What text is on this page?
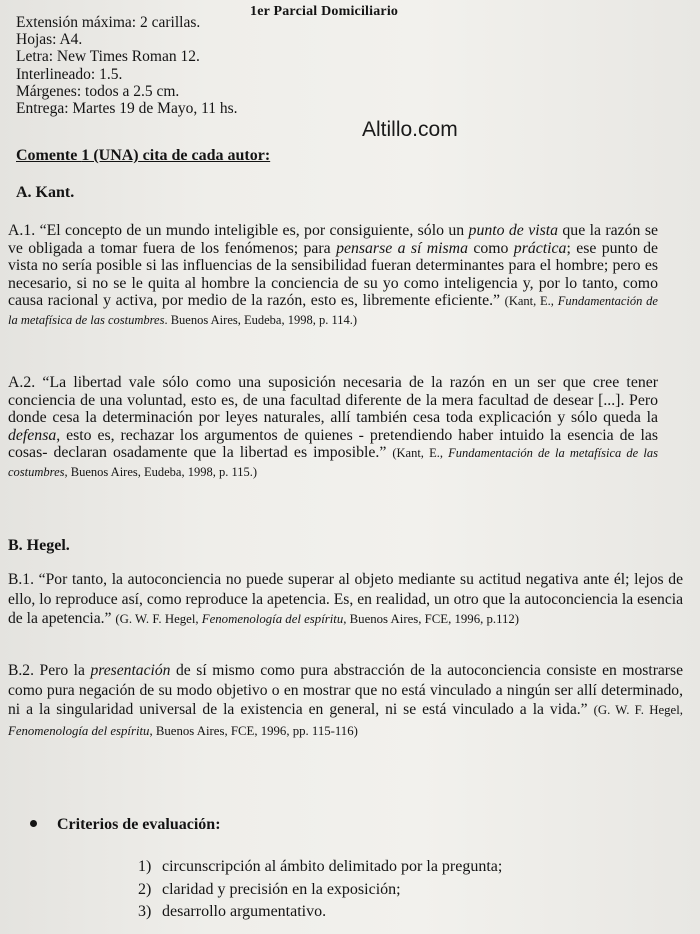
1er Parcial Domiciliario
Extensión máxima: 2 carillas.
Hojas: A4.
Letra: New Times Roman 12.
Interlineado: 1.5.
Márgenes: todos a 2.5 cm.
Entrega: Martes 19 de Mayo, 11 hs.
Altillo.com
Comente 1 (UNA) cita de cada autor:
A. Kant.
A.1. “El concepto de un mundo inteligible es, por consiguiente, sólo un punto de vista que la razón se ve obligada a tomar fuera de los fenómenos; para pensarse a sí misma como práctica; ese punto de vista no sería posible si las influencias de la sensibilidad fueran determinantes para el hombre; pero es necesario, si no se le quita al hombre la conciencia de su yo como inteligencia y, por lo tanto, como causa racional y activa, por medio de la razón, esto es, libremente eficiente.” (Kant, E., Fundamentación de la metafísica de las costumbres. Buenos Aires, Eudeba, 1998, p. 114.)
A.2. “La libertad vale sólo como una suposición necesaria de la razón en un ser que cree tener conciencia de una voluntad, esto es, de una facultad diferente de la mera facultad de desear [...]. Pero donde cesa la determinación por leyes naturales, allí también cesa toda explicación y sólo queda la defensa, esto es, rechazar los argumentos de quienes - pretendiendo haber intuido la esencia de las cosas- declaran osadamente que la libertad es imposible.” (Kant, E., Fundamentación de la metafísica de las costumbres, Buenos Aires, Eudeba, 1998, p. 115.)
B. Hegel.
B.1. “Por tanto, la autoconciencia no puede superar al objeto mediante su actitud negativa ante él; lejos de ello, lo reproduce así, como reproduce la apetencia. Es, en realidad, un otro que la autoconciencia la esencia de la apetencia.” (G. W. F. Hegel, Fenomenología del espíritu, Buenos Aires, FCE, 1996, p.112)
B.2. Pero la presentación de sí mismo como pura abstracción de la autoconciencia consiste en mostrarse como pura negación de su modo objetivo o en mostrar que no está vinculado a ningún ser allí determinado, ni a la singularidad universal de la existencia en general, ni se está vinculado a la vida.” (G. W. F. Hegel, Fenomenología del espíritu, Buenos Aires, FCE, 1996, pp. 115-116)
Criterios de evaluación:
1) circunscripción al ámbito delimitado por la pregunta;
2) claridad y precisión en la exposición;
3) desarrollo argumentativo.
